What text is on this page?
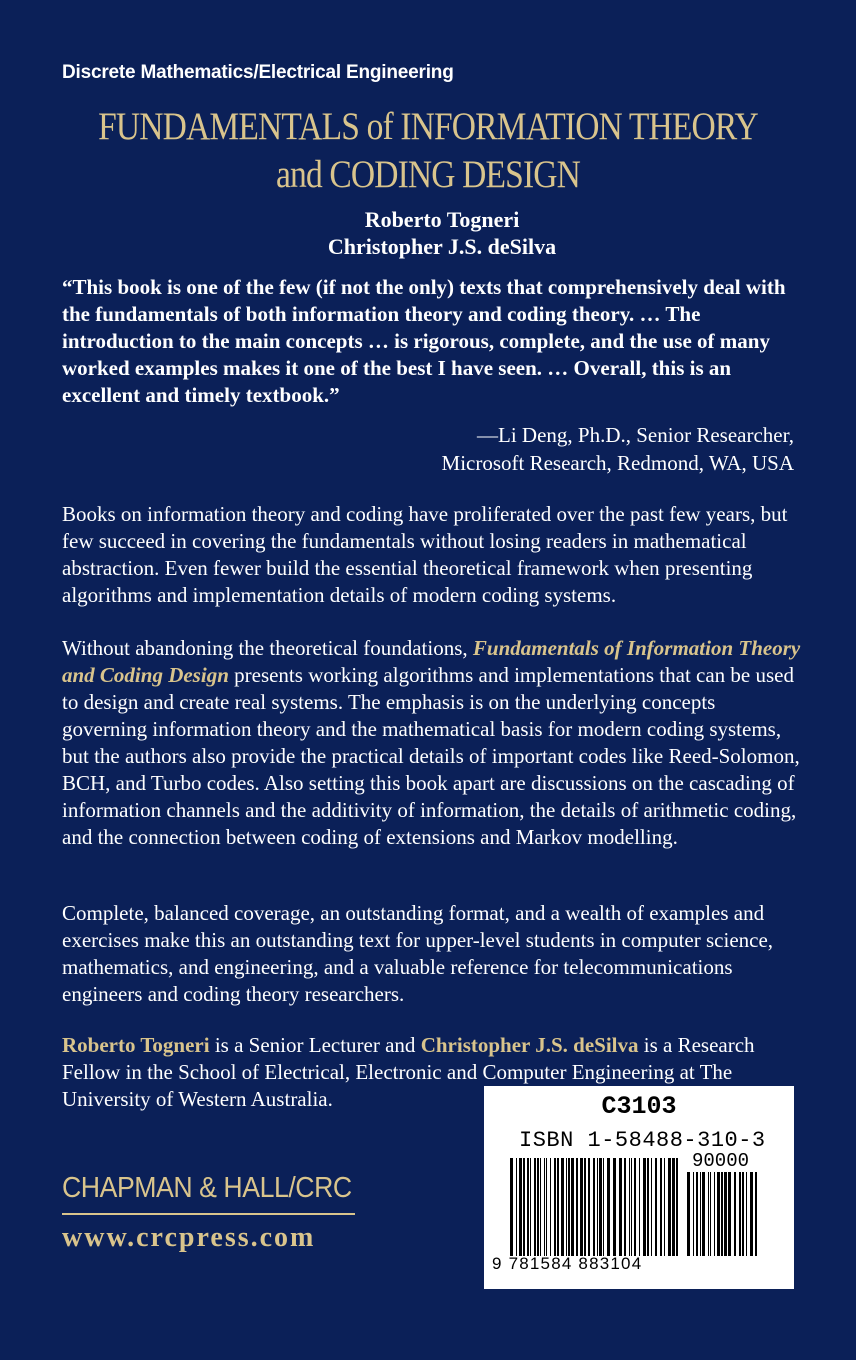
Discrete Mathematics/Electrical Engineering
FUNDAMENTALS of INFORMATION THEORY
and CODING DESIGN
Roberto Togneri
Christopher J.S. deSilva
“This book is one of the few (if not the only) texts that comprehensively deal with the fundamentals of both information theory and coding theory. … The introduction to the main concepts … is rigorous, complete, and the use of many worked examples makes it one of the best I have seen. … Overall, this is an excellent and timely textbook.”
—Li Deng, Ph.D., Senior Researcher,
Microsoft Research, Redmond, WA, USA
Books on information theory and coding have proliferated over the past few years, but few succeed in covering the fundamentals without losing readers in mathematical abstraction. Even fewer build the essential theoretical framework when presenting algorithms and implementation details of modern coding systems.
Without abandoning the theoretical foundations, Fundamentals of Information Theory and Coding Design presents working algorithms and implementations that can be used to design and create real systems. The emphasis is on the underlying concepts governing information theory and the mathematical basis for modern coding systems, but the authors also provide the practical details of important codes like Reed-Solomon, BCH, and Turbo codes. Also setting this book apart are discussions on the cascading of information channels and the additivity of information, the details of arithmetic coding, and the connection between coding of extensions and Markov modelling.
Complete, balanced coverage, an outstanding format, and a wealth of examples and exercises make this an outstanding text for upper-level students in computer science, mathematics, and engineering, and a valuable reference for telecommunications engineers and coding theory researchers.
Roberto Togneri is a Senior Lecturer and Christopher J.S. deSilva is a Research Fellow in the School of Electrical, Electronic and Computer Engineering at The University of Western Australia.
CHAPMAN & HALL/CRC
www.crcpress.com
C3103
ISBN 1-58488-310-3
90000
9 781584 883104
